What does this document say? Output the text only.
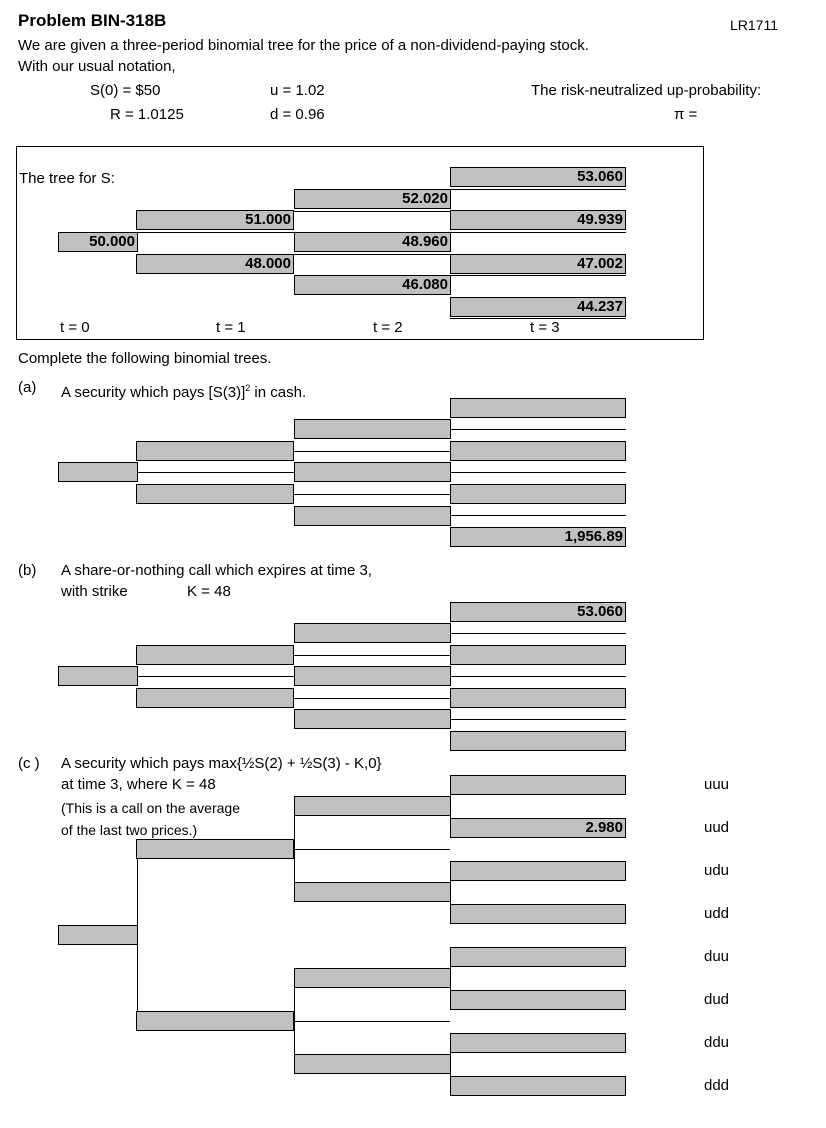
Problem BIN-318B	LR1711
We are given a three-period binomial tree for the price of a non-dividend-paying stock.
With our usual notation,
S(0) = $50
R = 1.0125
u = 1.02
d = 0.96
The risk-neutralized up-probability:
π =
The tree for S:
50.000
51.000
48.000
52.020
48.960
46.080
53.060
49.939
47.002
44.237
t = 0	t = 1	t = 2	t = 3
Complete the following binomial trees.
(a) A security which pays $[S(3)]^2$ in cash.
1,956.89
(b) A share-or-nothing call which expires at time 3,
with strike	K = 48
53.060
(c ) A security which pays max{½S(2) + ½S(3) - K,0}
at time 3, where K = 48
(This is a call on the average
of the last two prices.)	2.980
uuu
uud
udu
udd
duu
dud
ddu
ddd
